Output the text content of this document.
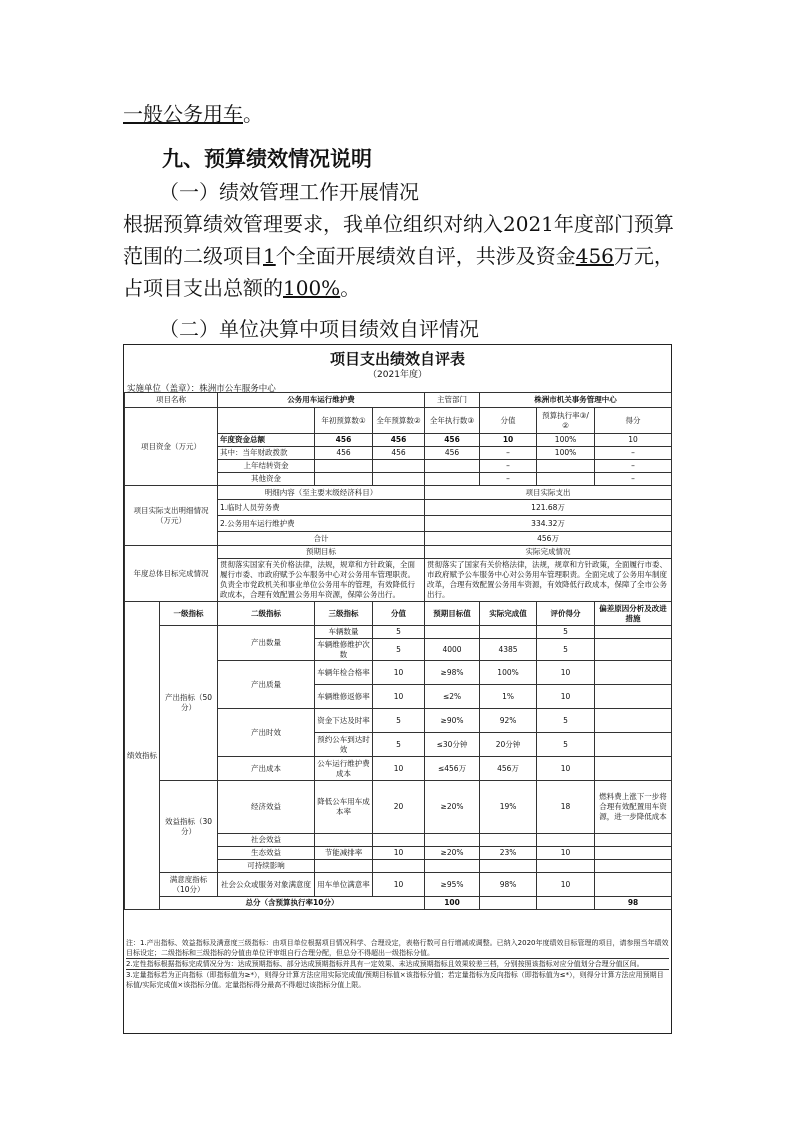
一般公务用车。
九、预算绩效情况说明
（一）绩效管理工作开展情况
根据预算绩效管理要求，我单位组织对纳入2021年度部门预算范围的二级项目1个全面开展绩效自评，共涉及资金456万元，占项目支出总额的100%。
（二）单位决算中项目绩效自评情况
项目支出绩效自评表
（2021年度）
实施单位（盖章）：株洲市公车服务中心
项目名称		公务用车运行维护费			主管部门	株洲市机关事务管理中心			
项目资金（万元）			年初预算数①	全年预算数②	全年执行数③	分值	预算执行率③/②	得分	
		年度资金总额	456	456	456	10	100%	10	
		其中：当年财政拨款	456	456	456	–	100%	–	
		上年结转资金				–		–	
		其他资金				–		–	
项目实际支出明细情况（万元）		明细内容（至主要末级经济科目）			项目实际支出				
		1.临时人员劳务费			121.68万				
		2.公务用车运行维护费			334.32万				
		合计			456万				
年度总体目标完成情况		预期目标			实际完成情况				
		贯彻落实国家有关价格法律，法规，规章和方针政策，全面履行市委、市政府赋予公车服务中心对公务用车管理职责。负责全市党政机关和事业单位公务用车的管理，有效降低行政成本，合理有效配置公务用车资源，保障公务出行。			贯彻落实了国家有关价格法律，法规，规章和方针政策，全面履行市委、市政府赋予公车服务中心对公务用车管理职责。全面完成了公务用车制度改革，合理有效配置公务用车资源，有效降低行政成本，保障了全市公务出行。				
绩效指标	一级指标	二级指标	三级指标	分值	预期目标值	实际完成值	评价得分	偏差原因分析及改进措施	
	产出指标（50分）	产出数量	车辆数量	5			5		
			车辆维修维护次数	5	4000	4385	5		
		产出质量	车辆年检合格率	10	≥98%	100%	10		
			车辆维修返修率	10	≤2%	1%	10		
		产出时效	资金下达及时率	5	≥90%	92%	5		
			预约公车到达时效	5	≤30分钟	20分钟	5		
		产出成本	公车运行维护费成本	10	≤456万	456万	10		
	效益指标（30分）	经济效益	降低公车用车成本率	20	≥20%	19%	18	燃料费上涨下一步将合理有效配置用车资源，进一步降低成本	
		社会效益							
		生态效益	节能减排率	10	≥20%	23%	10		
		可持续影响							
	满意度指标（10分）	社会公众或服务对象满意度	用车单位满意率	10	≥95%	98%	10		
	总分（含预算执行率10分）				100			98	
注：1.产出指标、效益指标及满意度三级指标：由项目单位根据项目情况科学、合理设定，表格行数可自行增减或调整。已纳入2020年度绩效目标管理的项目，请参照当年绩效目标设定；二级指标和三级指标的分值由单位评审组自行合理分配，但总分不得超出一级指标分值。
2.定性指标根据指标完成情况分为：达成预期指标、部分达成预期指标并具有一定效果、未达成预期指标且效果较差三档，分别按照该指标对应分值划分合理分值区间。
3.定量指标若为正向指标（即指标值为≥*），则得分计算方法应用实际完成值/预期目标值×该指标分值；若定量指标为反向指标（即指标值为≤*），则得分计算方法应用预期目标值/实际完成值×该指标分值。定量指标得分最高不得超过该指标分值上限。
